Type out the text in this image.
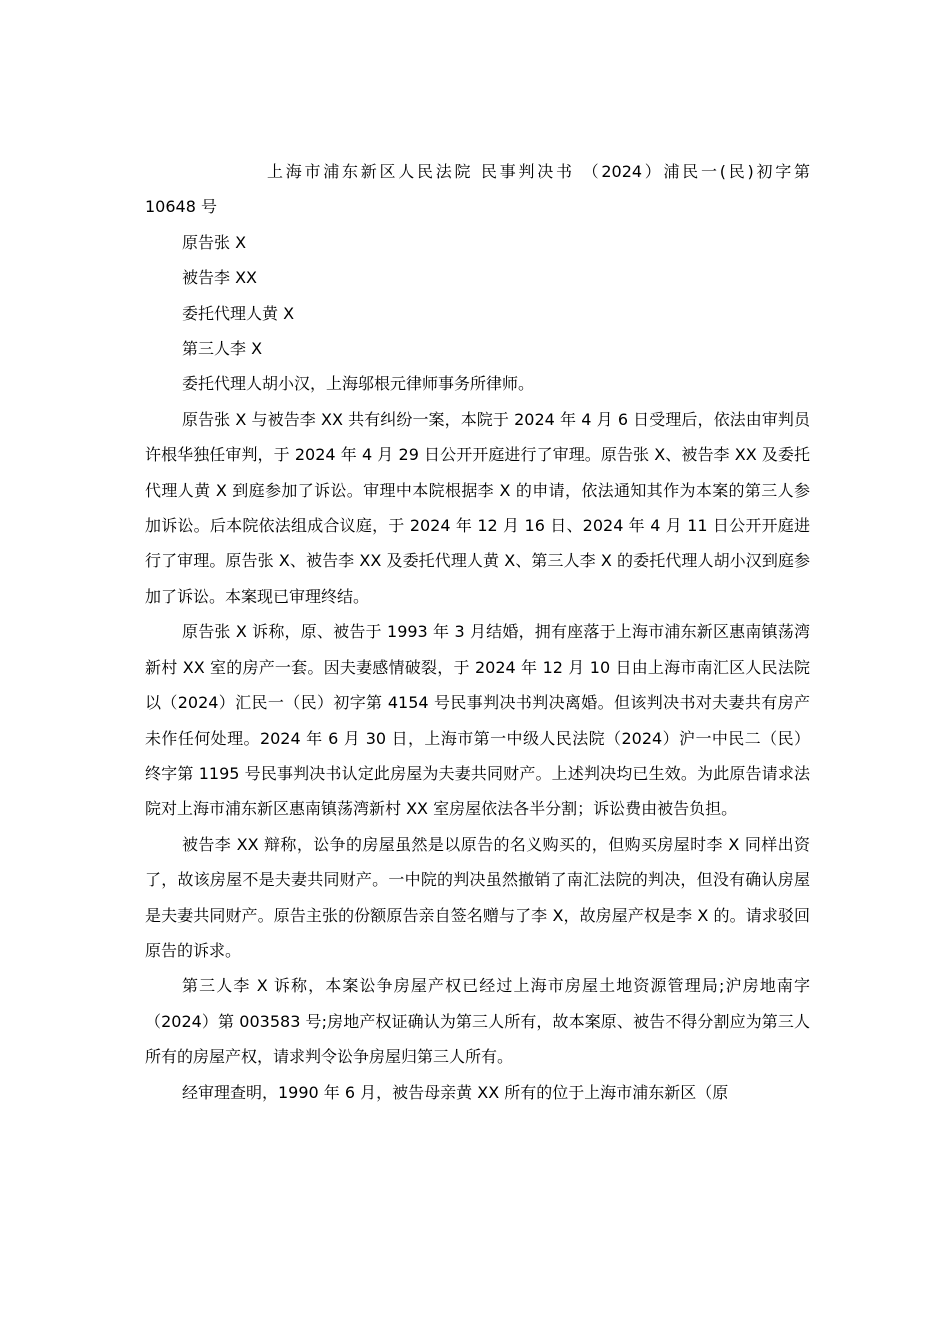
上海市浦东新区人民法院 民事判决书 （2024）浦民一(民)初字第
10648 号
原告张 X
被告李 XX
委托代理人黄 X
第三人李 X
委托代理人胡小汉，上海邬根元律师事务所律师。

原告张 X 与被告李 XX 共有纠纷一案，本院于 2024 年 4 月 6 日受理后，依法由审判员许根华独任审判，于 2024 年 4 月 29 日公开开庭进行了审理。原告张 X、被告李 XX 及委托代理人黄 X 到庭参加了诉讼。审理中本院根据李 X 的申请，依法通知其作为本案的第三人参加诉讼。后本院依法组成合议庭，于 2024 年 12 月 16 日、2024 年 4 月 11 日公开开庭进行了审理。原告张 X、被告李 XX 及委托代理人黄 X、第三人李 X 的委托代理人胡小汉到庭参加了诉讼。本案现已审理终结。

原告张 X 诉称，原、被告于 1993 年 3 月结婚，拥有座落于上海市浦东新区惠南镇荡湾新村 XX 室的房产一套。因夫妻感情破裂，于 2024 年 12 月 10 日由上海市南汇区人民法院以（2024）汇民一（民）初字第 4154 号民事判决书判决离婚。但该判决书对夫妻共有房产未作任何处理。2024 年 6 月 30 日，上海市第一中级人民法院（2024）沪一中民二（民）终字第 1195 号民事判决书认定此房屋为夫妻共同财产。上述判决均已生效。为此原告请求法院对上海市浦东新区惠南镇荡湾新村 XX 室房屋依法各半分割；诉讼费由被告负担。

被告李 XX 辩称，讼争的房屋虽然是以原告的名义购买的，但购买房屋时李 X 同样出资了，故该房屋不是夫妻共同财产。一中院的判决虽然撤销了南汇法院的判决，但没有确认房屋是夫妻共同财产。原告主张的份额原告亲自签名赠与了李 X，故房屋产权是李 X 的。请求驳回原告的诉求。

第三人李 X 诉称，本案讼争房屋产权已经过上海市房屋土地资源管理局;沪房地南字（2024）第 003583 号;房地产权证确认为第三人所有，故本案原、被告不得分割应为第三人所有的房屋产权，请求判令讼争房屋归第三人所有。

经审理查明，1990 年 6 月，被告母亲黄 XX 所有的位于上海市浦东新区（原
